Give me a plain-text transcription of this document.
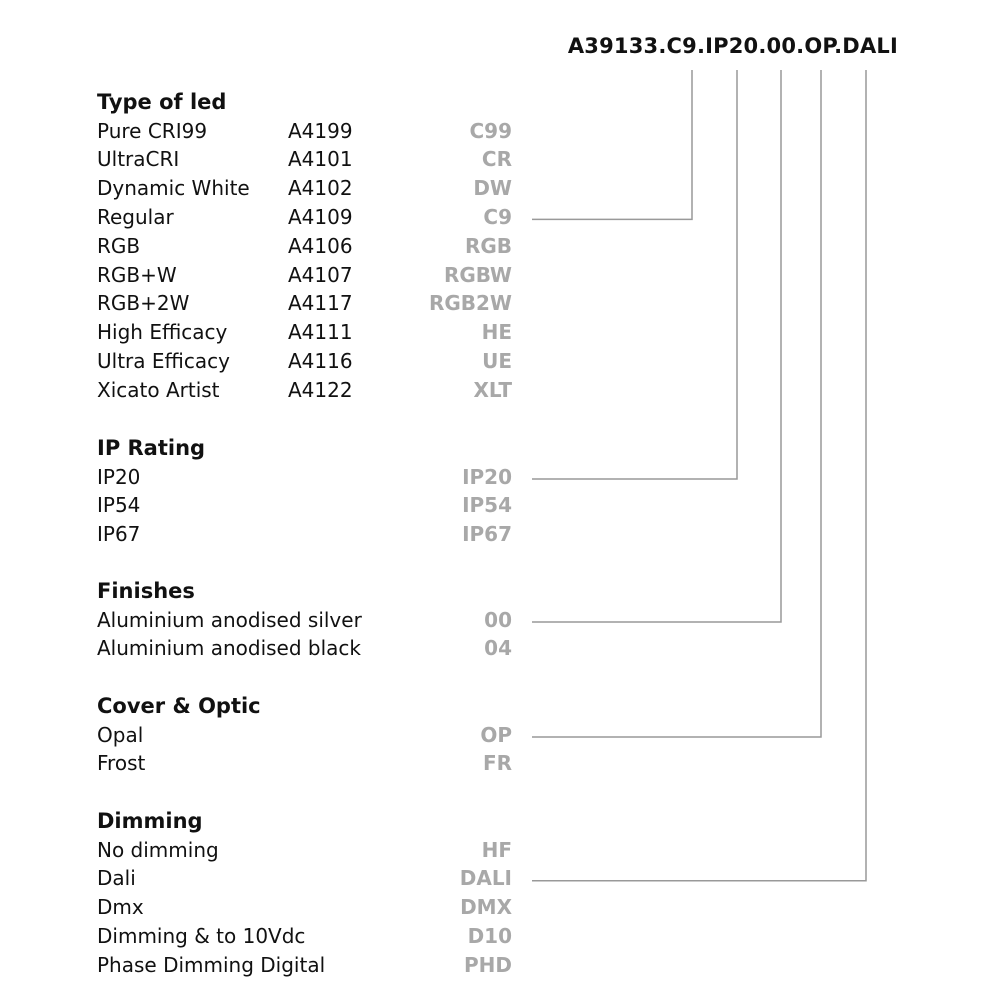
A39133.C9.IP20.00.OP.DALI
Type of led
Pure CRI99	A4199	C99
UltraCRI	A4101	CR
Dynamic White A4102	DW
Regular	A4109	C9
RGB	A4106	RGB
RGB+W	A4107	RGBW
RGB+2W	A4117	RGB2W
High Efficacy	A4111	HE
Ultra Efficacy	A4116	UE
Xicato Artist	A4122	XLT
IP Rating
IP20	IP20
IP54	IP54
IP67	IP67
Finishes
Aluminium anodised silver	00
Aluminium anodised black	04
Cover & Optic
Opal	OP
Frost	FR
Dimming
No dimming	HF
Dali	DALI
Dmx	DMX
Dimming & to 10Vdc	D10
Phase Dimming Digital	PHD
